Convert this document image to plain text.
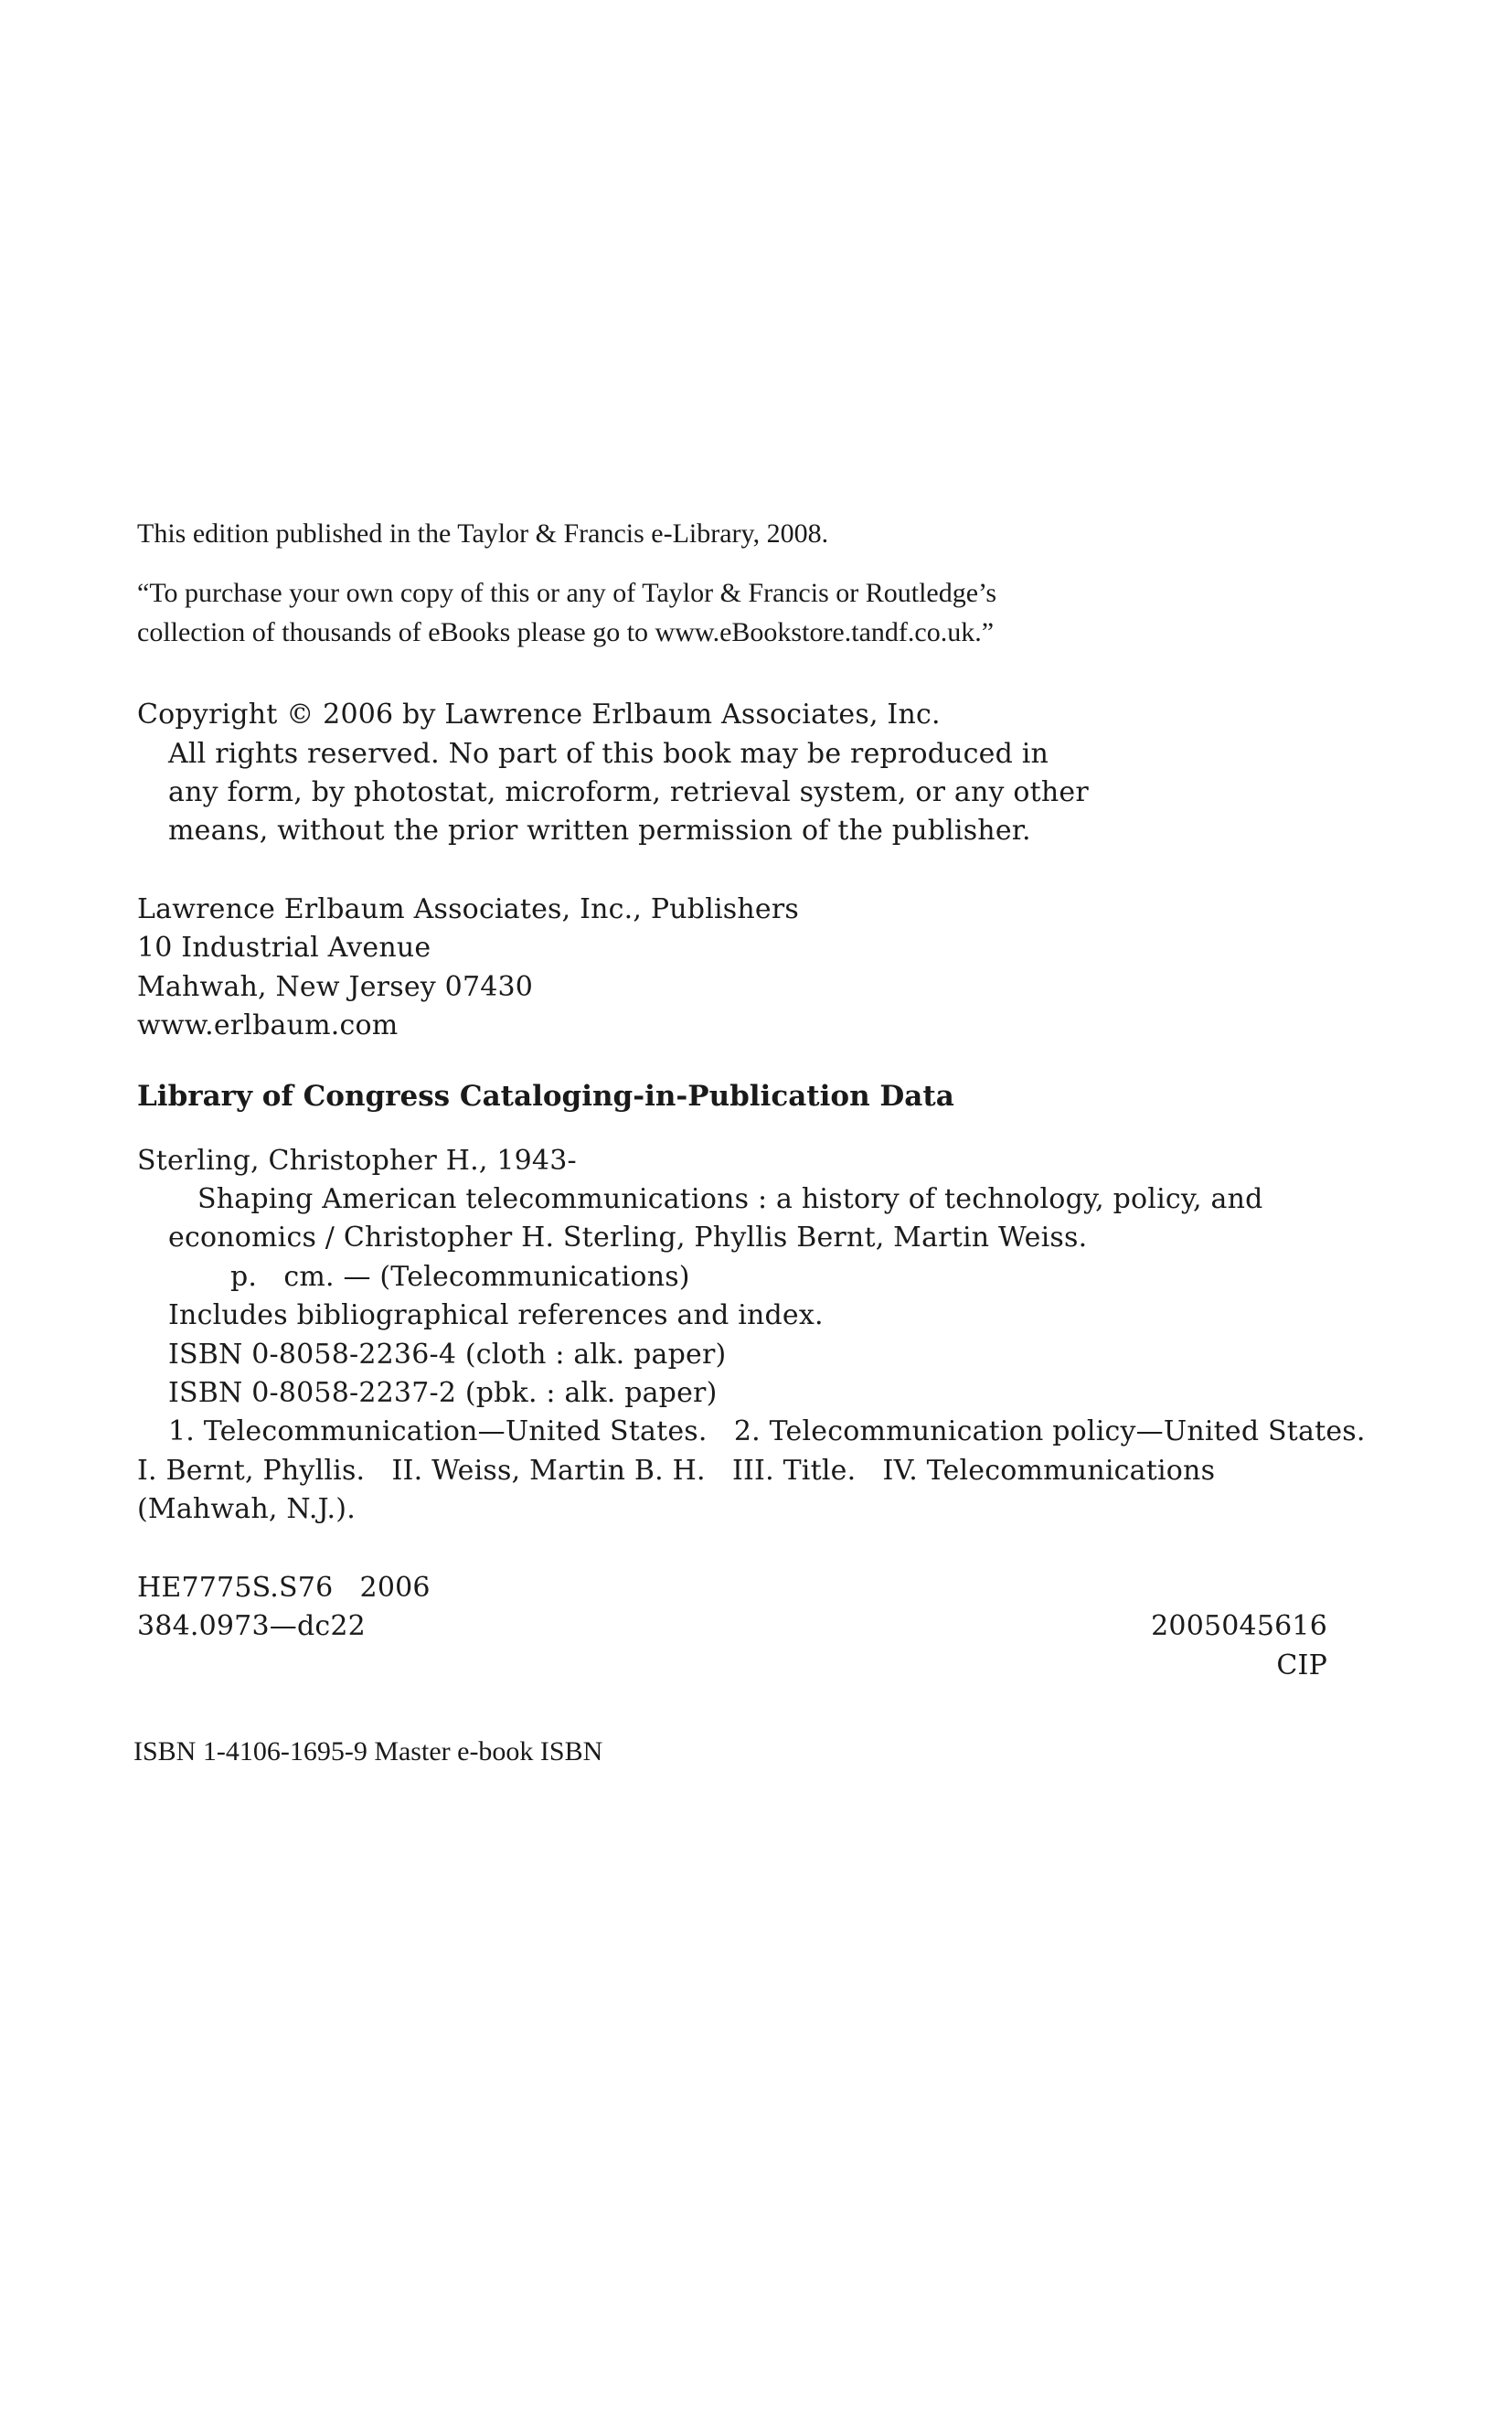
This edition published in the Taylor & Francis e-Library, 2008.
“To purchase your own copy of this or any of Taylor & Francis or Routledge’s
collection of thousands of eBooks please go to www.eBookstore.tandf.co.uk.”
Copyright © 2006 by Lawrence Erlbaum Associates, Inc.
All rights reserved. No part of this book may be reproduced in
any form, by photostat, microform, retrieval system, or any other
means, without the prior written permission of the publisher.
Lawrence Erlbaum Associates, Inc., Publishers
10 Industrial Avenue
Mahwah, New Jersey 07430
www.erlbaum.com
Library of Congress Cataloging-in-Publication Data
Sterling, Christopher H., 1943-
Shaping American telecommunications : a history of technology, policy, and
economics / Christopher H. Sterling, Phyllis Bernt, Martin Weiss.
p.   cm. — (Telecommunications)
Includes bibliographical references and index.
ISBN 0-8058-2236-4 (cloth : alk. paper)
ISBN 0-8058-2237-2 (pbk. : alk. paper)
1. Telecommunication—United States.   2. Telecommunication policy—United States.
I. Bernt, Phyllis.   II. Weiss, Martin B. H.   III. Title.   IV. Telecommunications
(Mahwah, N.J.).
HE7775S.S76   2006
384.0973—dc22	2005045616
CIP
ISBN 1-4106-1695-9 Master e-book ISBN
